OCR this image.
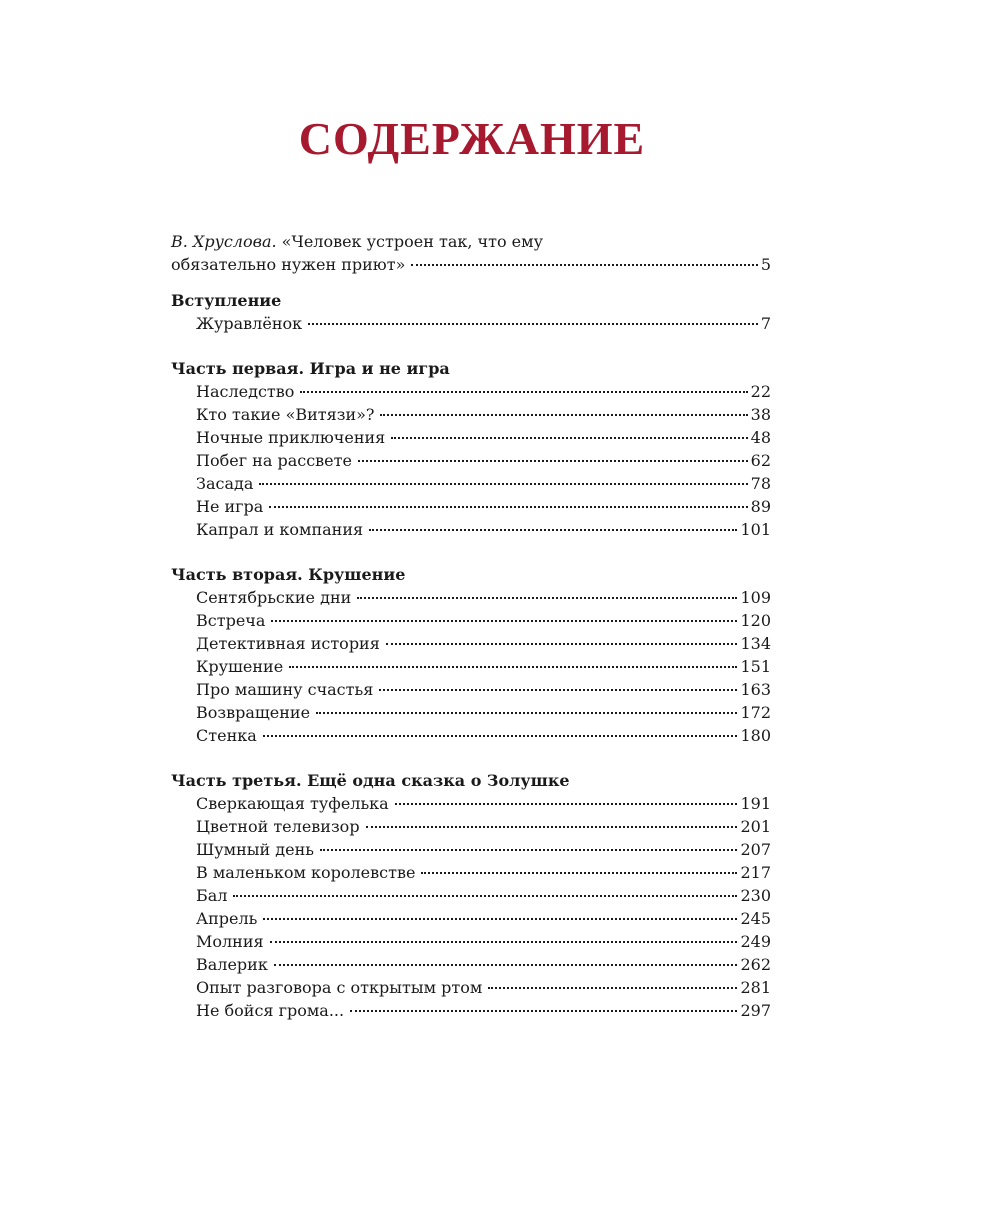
СОДЕРЖАНИЕ
В. Хруслова. «Человек устроен так, что ему
обязательно нужен приют»	5
Вступление
Журавлёнок	7
Часть первая. Игра и не игра
Наследство	22
Кто такие «Витязи»?	38
Ночные приключения	48
Побег на рассвете	62
Засада	78
Не игра	89
Капрал и компания	101
Часть вторая. Крушение
Сентябрьские дни	109
Встреча	120
Детективная история	134
Крушение	151
Про машину счастья	163
Возвращение	172
Стенка	180
Часть третья. Ещё одна сказка о Золушке
Сверкающая туфелька	191
Цветной телевизор	201
Шумный день	207
В маленьком королевстве	217
Бал	230
Апрель	245
Молния	249
Валерик	262
Опыт разговора с открытым ртом	281
Не бойся грома...	297
